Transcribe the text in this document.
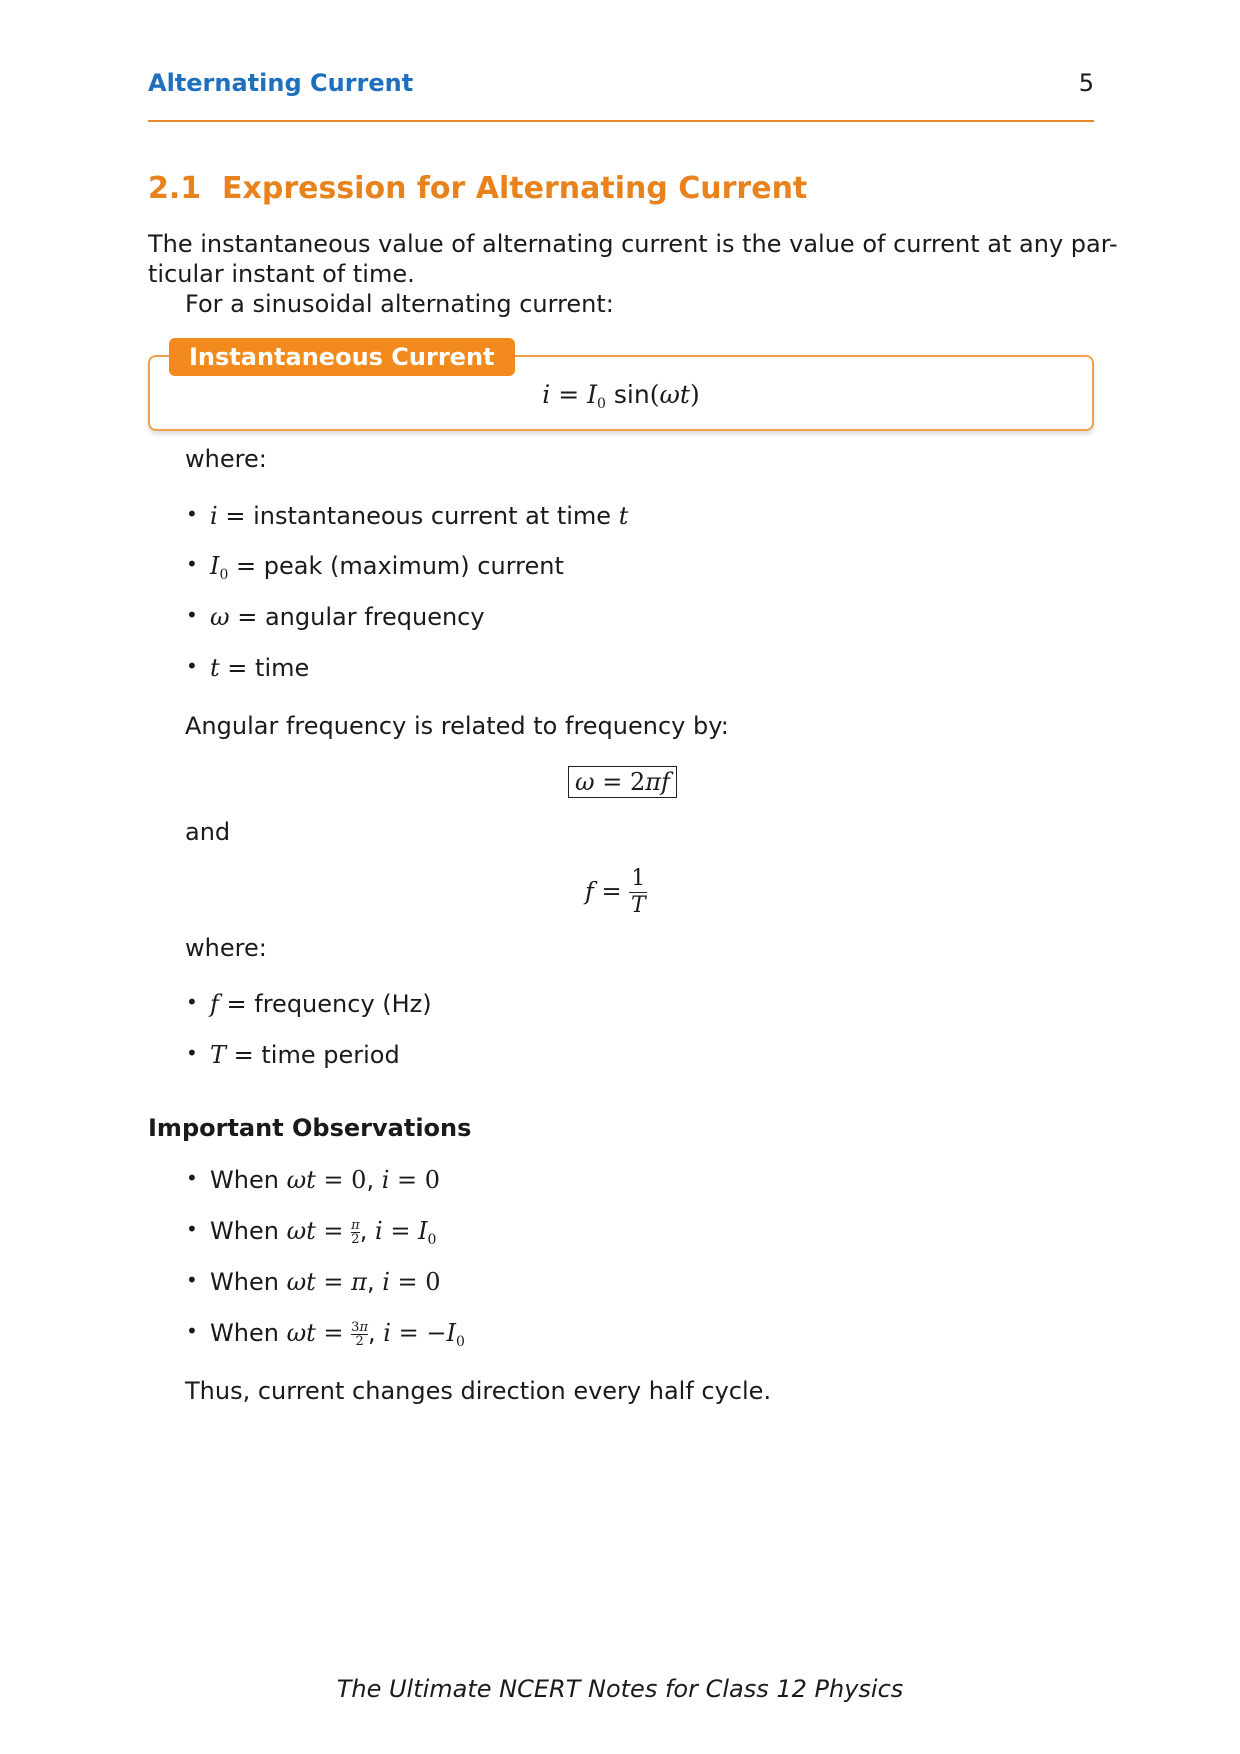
Alternating Current	5
2.1 Expression for Alternating Current
The instantaneous value of alternating current is the value of current at any par-
ticular instant of time.
For a sinusoidal alternating current:
Instantaneous Current
$i = I_0$ sin(ωt)
where:
• i = instantaneous current at time t
• $I_0$ = peak (maximum) current
• ω = angular frequency
• t = time
Angular frequency is related to frequency by:
ω = 2πf
and
$f = \frac{1}{T}$
where:
• f = frequency (Hz)
• T = time period
Important Observations
• When ωt = 0, i = 0
• When $\omega t = \frac{\pi}{2}$ , $i = I_0$
• When ωt = π, i = 0
• When $\omega t = \frac{3\pi}{2}$ , $i = -I_0$
Thus, current changes direction every half cycle.
The Ultimate NCERT Notes for Class 12 Physics
